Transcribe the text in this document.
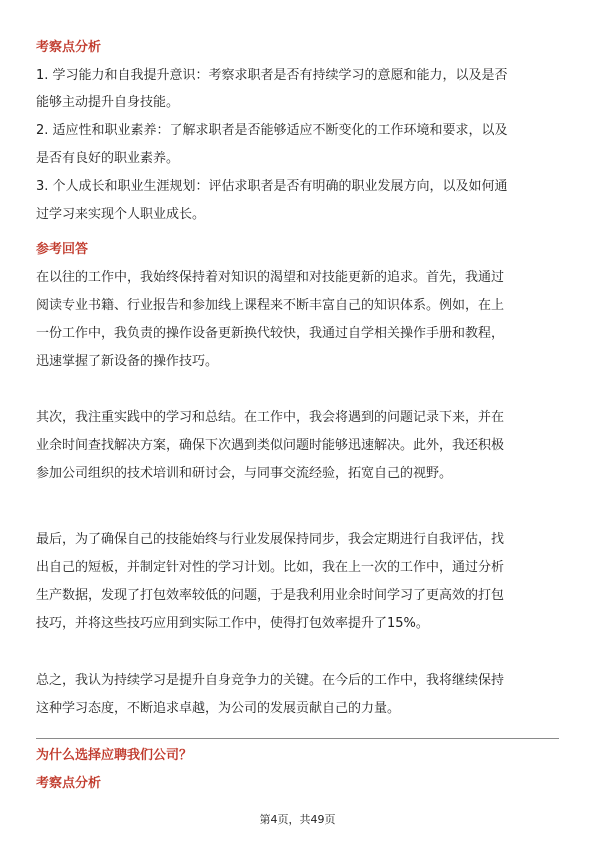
考察点分析
1. 学习能力和自我提升意识：考察求职者是否有持续学习的意愿和能力，以及是否
能够主动提升自身技能。
2. 适应性和职业素养：了解求职者是否能够适应不断变化的工作环境和要求，以及
是否有良好的职业素养。
3. 个人成长和职业生涯规划：评估求职者是否有明确的职业发展方向，以及如何通
过学习来实现个人职业成长。
参考回答
在以往的工作中，我始终保持着对知识的渴望和对技能更新的追求。首先，我通过
阅读专业书籍、行业报告和参加线上课程来不断丰富自己的知识体系。例如，在上
一份工作中，我负责的操作设备更新换代较快，我通过自学相关操作手册和教程，
迅速掌握了新设备的操作技巧。
其次，我注重实践中的学习和总结。在工作中，我会将遇到的问题记录下来，并在
业余时间查找解决方案，确保下次遇到类似问题时能够迅速解决。此外，我还积极
参加公司组织的技术培训和研讨会，与同事交流经验，拓宽自己的视野。
最后，为了确保自己的技能始终与行业发展保持同步，我会定期进行自我评估，找
出自己的短板，并制定针对性的学习计划。比如，我在上一次的工作中，通过分析
生产数据，发现了打包效率较低的问题，于是我利用业余时间学习了更高效的打包
技巧，并将这些技巧应用到实际工作中，使得打包效率提升了15%。
总之，我认为持续学习是提升自身竞争力的关键。在今后的工作中，我将继续保持
这种学习态度，不断追求卓越，为公司的发展贡献自己的力量。
为什么选择应聘我们公司？
考察点分析
第4页，共49页
